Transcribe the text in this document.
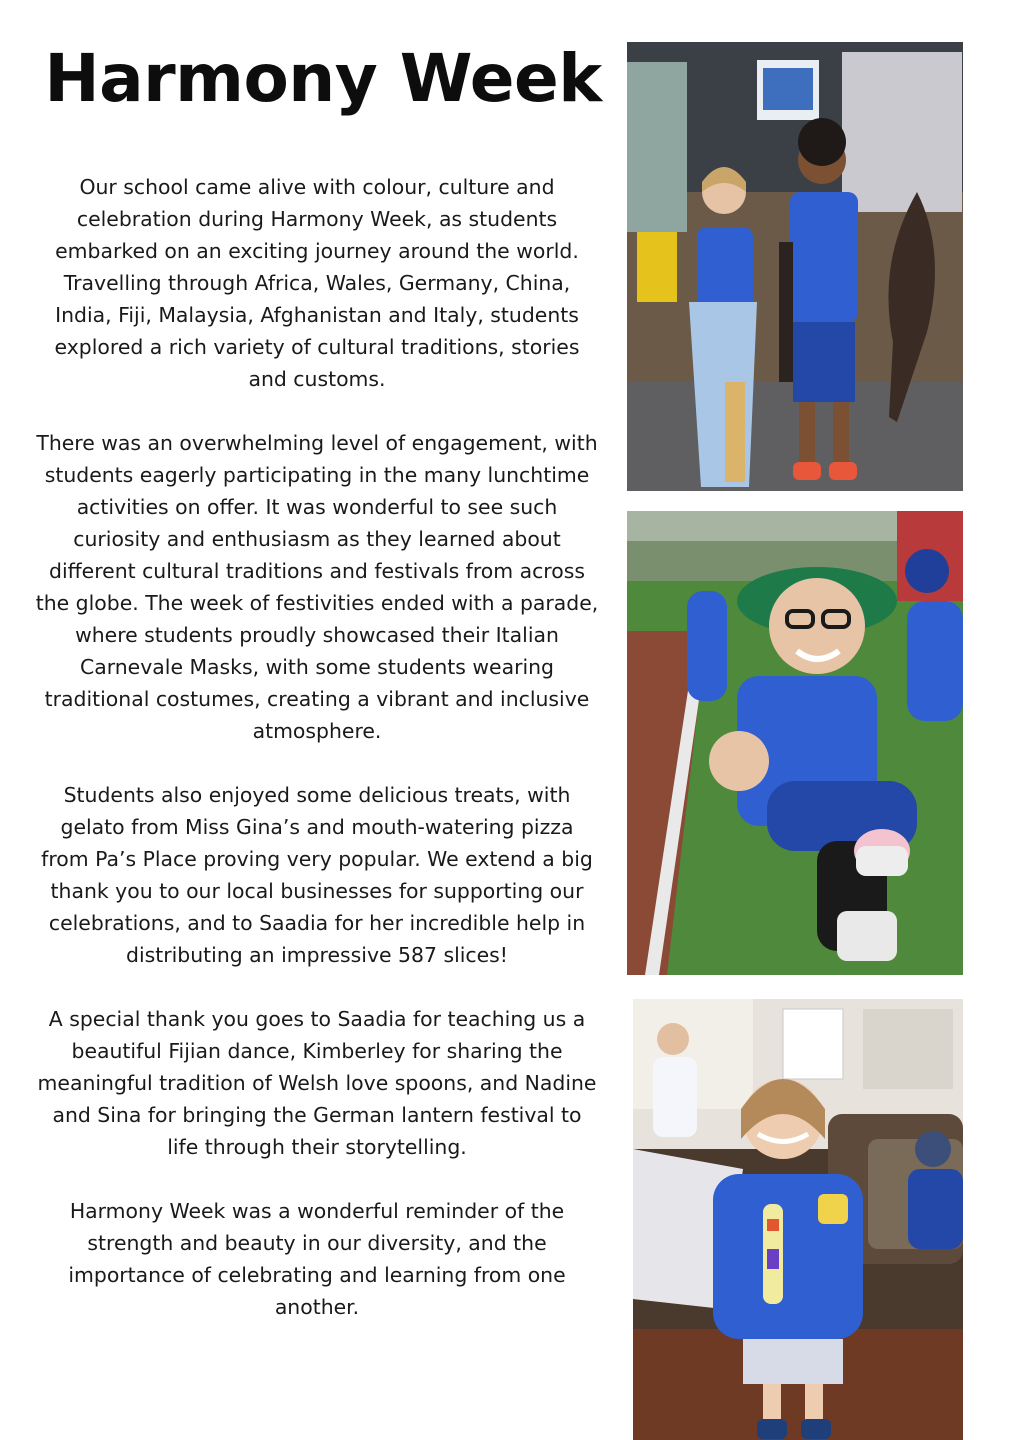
Harmony Week

Our school came alive with colour, culture and celebration during Harmony Week, as students embarked on an exciting journey around the world. Travelling through Africa, Wales, Germany, China, India, Fiji, Malaysia, Afghanistan and Italy, students explored a rich variety of cultural traditions, stories and customs.

There was an overwhelming level of engagement, with students eagerly participating in the many lunchtime activities on offer. It was wonderful to see such curiosity and enthusiasm as they learned about different cultural traditions and festivals from across the globe. The week of festivities ended with a parade, where students proudly showcased their Italian Carnevale Masks, with some students wearing traditional costumes, creating a vibrant and inclusive atmosphere.

Students also enjoyed some delicious treats, with gelato from Miss Gina’s and mouth-watering pizza from Pa’s Place proving very popular. We extend a big thank you to our local businesses for supporting our celebrations, and to Saadia for her incredible help in distributing an impressive 587 slices!

A special thank you goes to Saadia for teaching us a beautiful Fijian dance, Kimberley for sharing the meaningful tradition of Welsh love spoons, and Nadine and Sina for bringing the German lantern festival to life through their storytelling.

Harmony Week was a wonderful reminder of the strength and beauty in our diversity, and the importance of celebrating and learning from one another.
